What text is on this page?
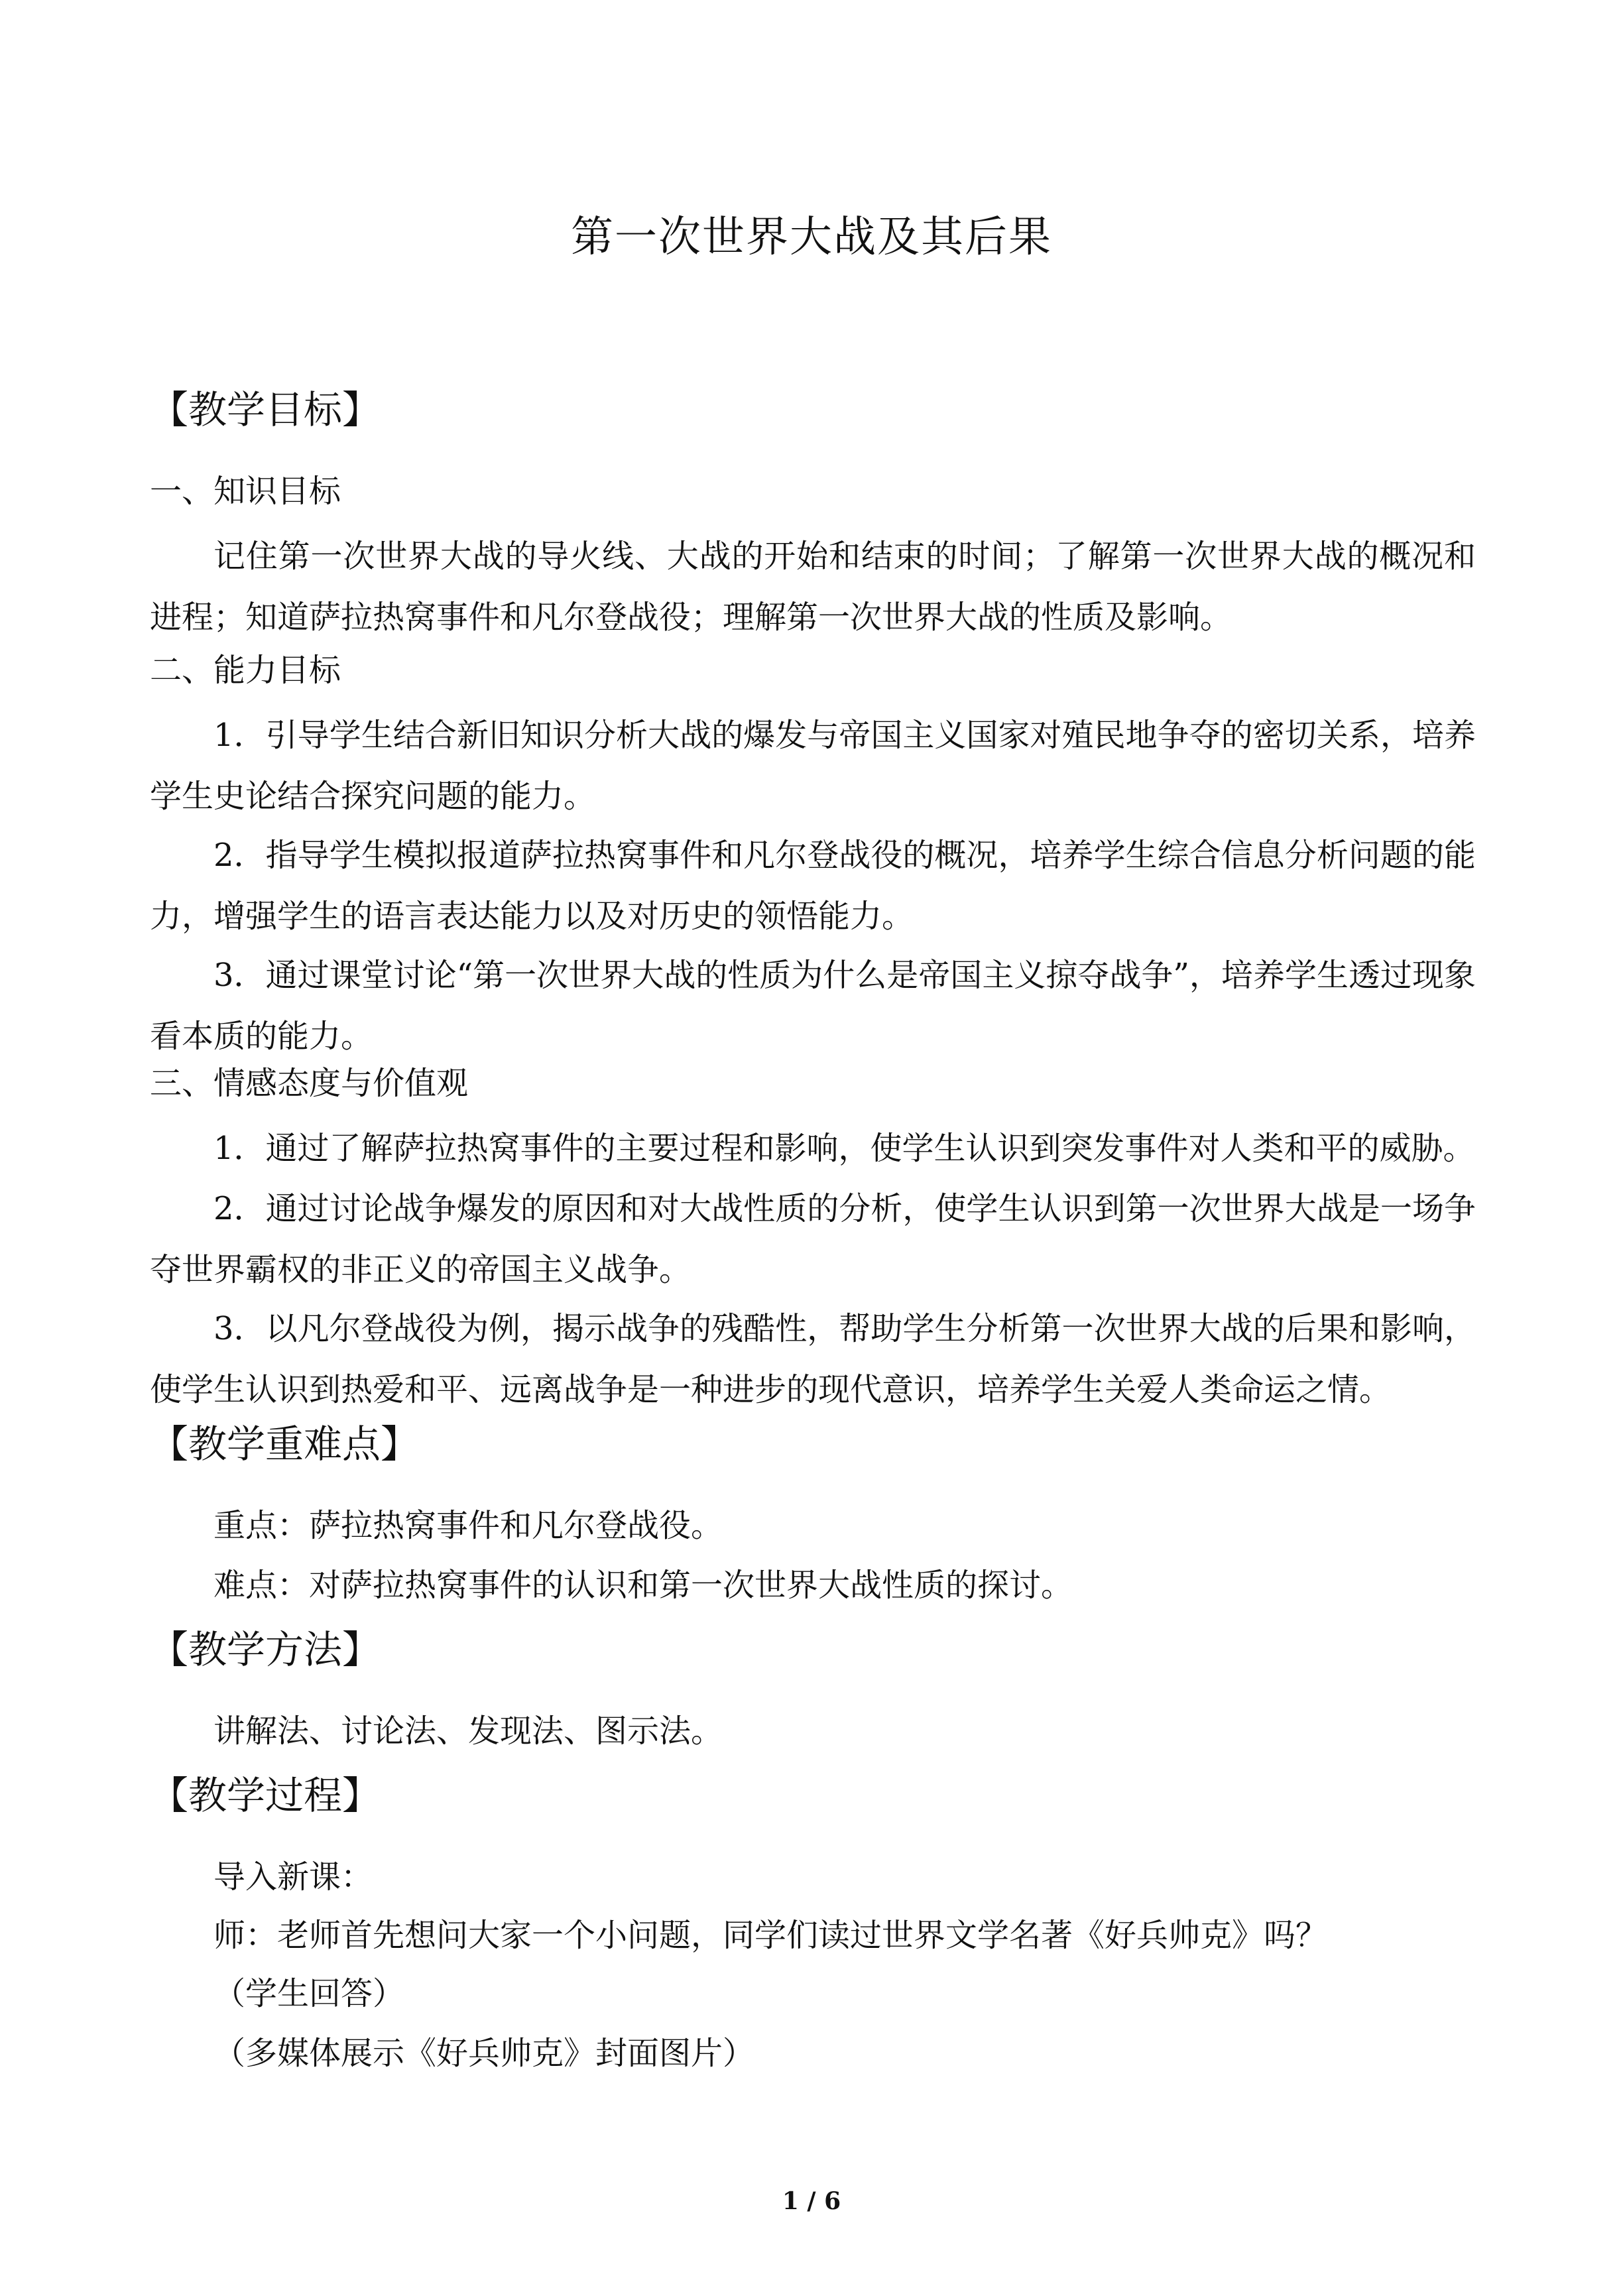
第一次世界大战及其后果
【教学目标】
一、知识目标
记住第一次世界大战的导火线、大战的开始和结束的时间；了解第一次世界大战的概况和进程；知道萨拉热窝事件和凡尔登战役；理解第一次世界大战的性质及影响。
二、能力目标
1．引导学生结合新旧知识分析大战的爆发与帝国主义国家对殖民地争夺的密切关系，培养学生史论结合探究问题的能力。
2．指导学生模拟报道萨拉热窝事件和凡尔登战役的概况，培养学生综合信息分析问题的能力，增强学生的语言表达能力以及对历史的领悟能力。
3．通过课堂讨论“第一次世界大战的性质为什么是帝国主义掠夺战争”，培养学生透过现象看本质的能力。
三、情感态度与价值观
1．通过了解萨拉热窝事件的主要过程和影响，使学生认识到突发事件对人类和平的威胁。
2．通过讨论战争爆发的原因和对大战性质的分析，使学生认识到第一次世界大战是一场争夺世界霸权的非正义的帝国主义战争。
3．以凡尔登战役为例，揭示战争的残酷性，帮助学生分析第一次世界大战的后果和影响，使学生认识到热爱和平、远离战争是一种进步的现代意识，培养学生关爱人类命运之情。
【教学重难点】
重点：萨拉热窝事件和凡尔登战役。
难点：对萨拉热窝事件的认识和第一次世界大战性质的探讨。
【教学方法】
讲解法、讨论法、发现法、图示法。
【教学过程】
导入新课：
师：老师首先想问大家一个小问题，同学们读过世界文学名著《好兵帅克》吗？
（学生回答）
（多媒体展示《好兵帅克》封面图片）
1 / 6
